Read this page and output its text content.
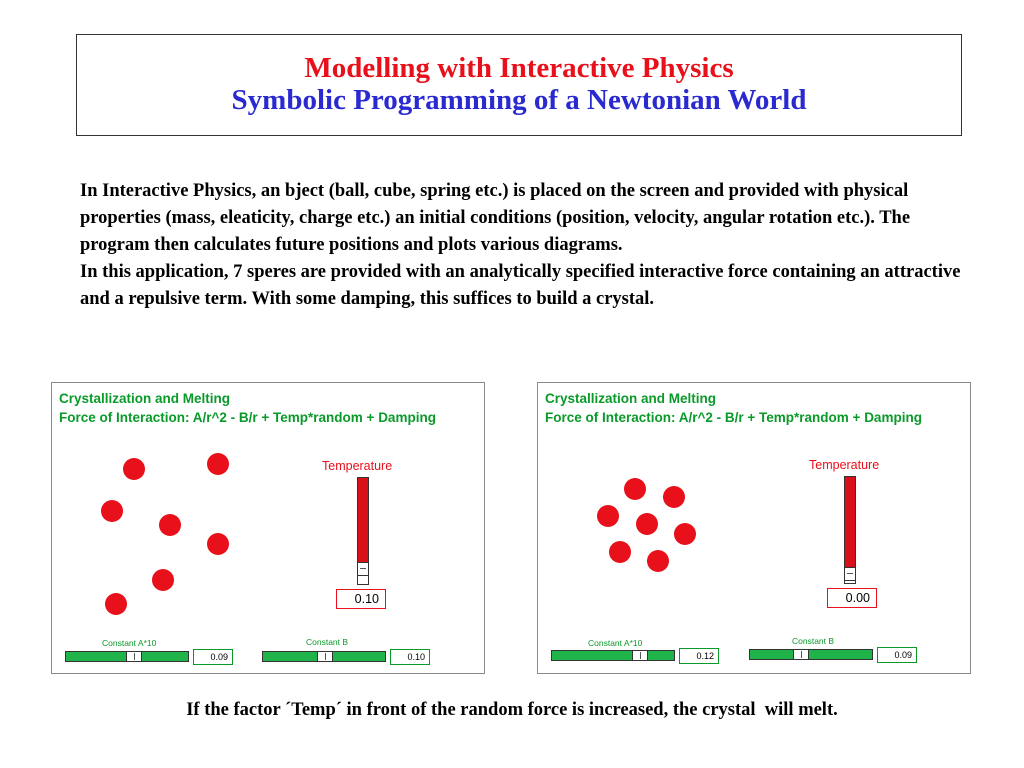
Modelling with Interactive Physics
Symbolic Programming of a Newtonian World

In Interactive Physics, an bject (ball, cube, spring etc.) is placed on the screen and provided with physical properties (mass, eleaticity, charge etc.) an initial conditions (position, velocity, angular rotation etc.). The program then calculates future positions and plots various diagrams.

In this application, 7 speres are provided with an analytically specified interactive force containing an attractive and a repulsive term. With some damping, this suffices to build a crystal.

Crystallization and Melting
Force of Interaction: A/r^2 - B/r + Temp*random + Damping
Temperature
0.10
Constant A*10
0.09
Constant B
0.10
Crystallization and Melting
Force of Interaction: A/r^2 - B/r + Temp*random + Damping
Temperature
0.00
Constant A*10
0.12
Constant B
0.09
If the factor ´Temp´ in front of the random force is increased, the crystal  will melt.
